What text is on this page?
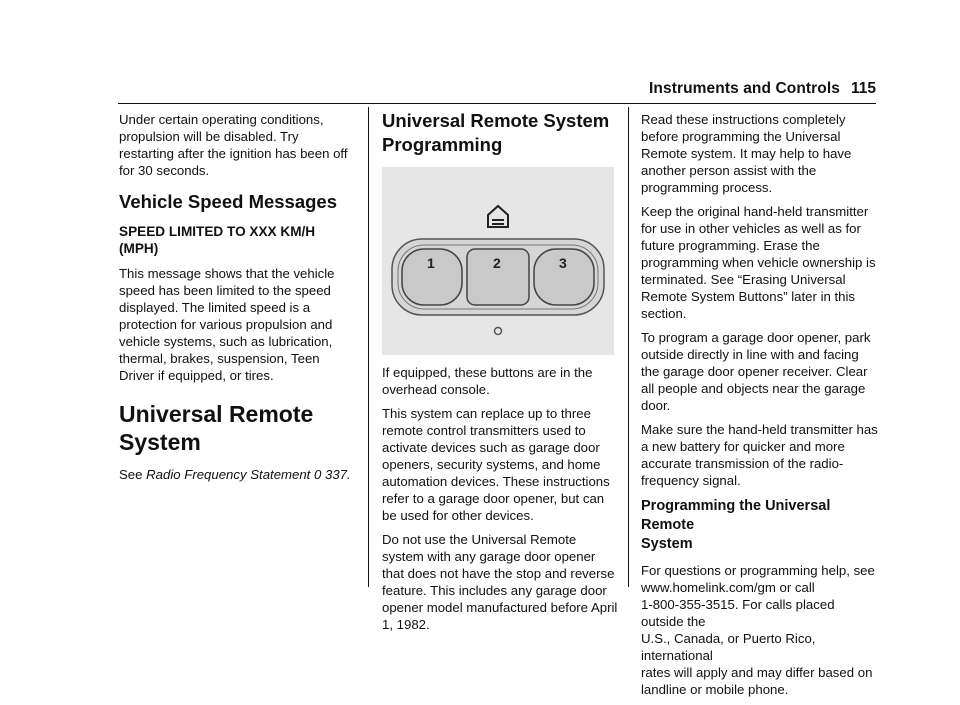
Instruments and Controls 115

Under certain operating conditions, propulsion will be disabled. Try restarting after the ignition has been off for 30 seconds.

Vehicle Speed Messages
SPEED LIMITED TO XXX KM/H (MPH)

This message shows that the vehicle speed has been limited to the speed displayed. The limited speed is a protection for various propulsion and vehicle systems, such as lubrication, thermal, brakes, suspension, Teen Driver if equipped, or tires.

Universal Remote System

See Radio Frequency Statement 0 337.

Universal Remote System
Programming
1	2	3

If equipped, these buttons are in the overhead console.

This system can replace up to three remote control transmitters used to activate devices such as garage door openers, security systems, and home automation devices. These instructions refer to a garage door opener, but can be used for other devices.

Do not use the Universal Remote system with any garage door opener that does not have the stop and reverse feature. This includes any garage door opener model manufactured before April 1, 1982.

Read these instructions completely before programming the Universal Remote system. It may help to have another person assist with the programming process.

Keep the original hand-held transmitter for use in other vehicles as well as for future programming. Erase the programming when vehicle ownership is terminated. See “Erasing Universal Remote System Buttons” later in this section.

To program a garage door opener, park outside directly in line with and facing the garage door opener receiver. Clear all people and objects near the garage door.

Make sure the hand-held transmitter has a new battery for quicker and more accurate transmission of the radio-frequency signal.

Programming the Universal Remote
System

For questions or programming help, see
www.homelink.com/gm or call
1-800-355-3515. For calls placed outside the
U.S., Canada, or Puerto Rico, international
rates will apply and may differ based on
landline or mobile phone.
